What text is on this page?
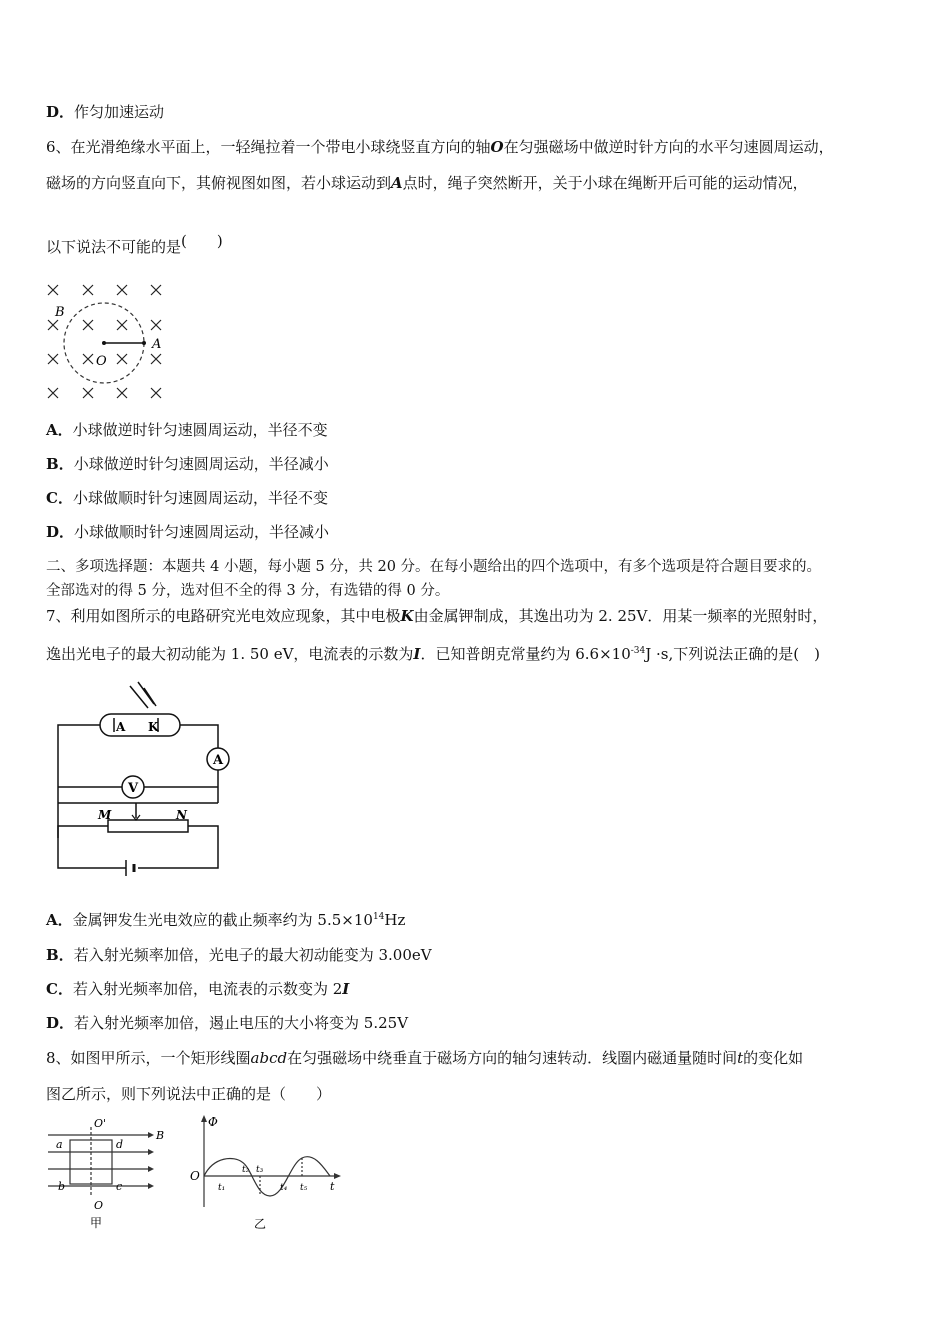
D．作匀加速运动
6、在光滑绝缘水平面上，一轻绳拉着一个带电小球绕竖直方向的轴O在匀强磁场中做逆时针方向的水平匀速圆周运动，
磁场的方向竖直向下，其俯视图如图，若小球运动到A点时，绳子突然断开，关于小球在绳断开后可能的运动情况，
以下说法不可能的是(　　)
B
O
A
A．小球做逆时针匀速圆周运动，半径不变
B．小球做逆时针匀速圆周运动，半径减小
C．小球做顺时针匀速圆周运动，半径不变
D．小球做顺时针匀速圆周运动，半径减小
二、多项选择题：本题共 4 小题，每小题 5 分，共 20 分。在每小题给出的四个选项中，有多个选项是符合题目要求的。
全部选对的得 5 分，选对但不全的得 3 分，有选错的得 0 分。
7、利用如图所示的电路研究光电效应现象，其中电极K由金属钾制成，其逸出功为 2. 25V．用某一频率的光照射时，
逸出光电子的最大初动能为 1. 50 eV，电流表的示数为I．已知普朗克常量约为 $6.6\times 10^{-34}J \cdot s$,下列说法正确的是(　)
A
V
A K
M	N
A．金属钾发生光电效应的截止频率约为 $5.5\times 10^{14}Hz$
B．若入射光频率加倍，光电子的最大初动能变为 3.00eV
C．若入射光频率加倍，电流表的示数变为 2I
D．若入射光频率加倍，遏止电压的大小将变为 5.25V
8、如图甲所示，一个矩形线圈abcd在匀强磁场中绕垂直于磁场方向的轴匀速转动．线圈内磁通量随时间t的变化如
图乙所示，则下列说法中正确的是（　　）
O'
O
a	d
b	c
B
甲
Φ
O
t
t₁
t₂ t₃
t₄ t₅
乙
